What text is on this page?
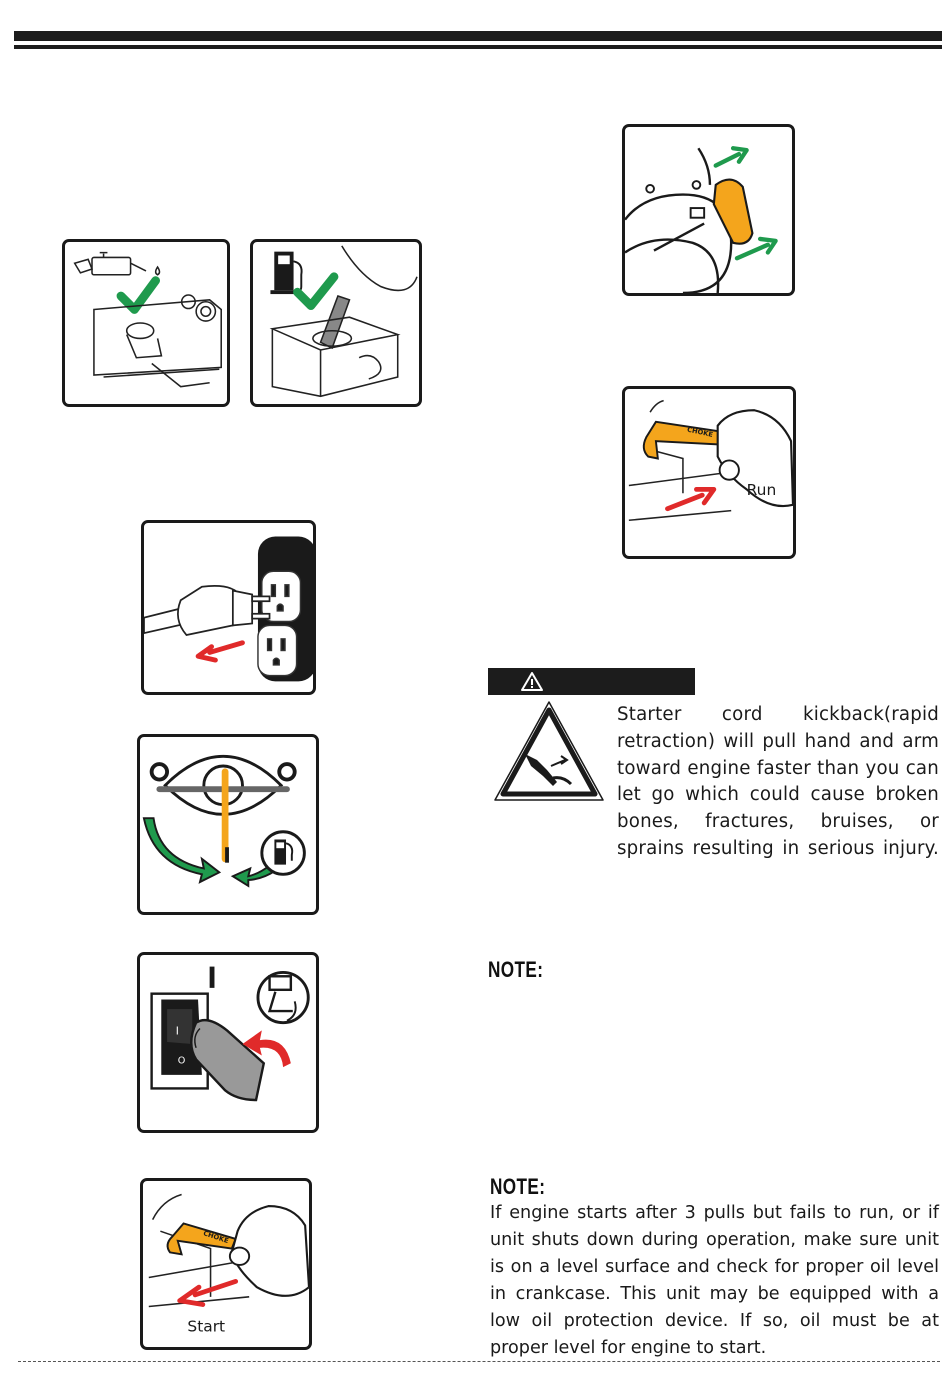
I
O
CHOKE
Start
CHOKE
Run
Starter cord kickback(rapid retraction) will pull hand and arm toward engine faster than you can let go which could cause broken bones, fractures, bruises, or sprains resulting in serious injury.
NOTE:
NOTE:
If engine starts after 3 pulls but fails to run, or if unit shuts down during operation, make sure unit is on a level surface and check for proper oil level in crankcase. This unit may be equipped with a low oil protection device. If so, oil must be at proper level for engine to start.
